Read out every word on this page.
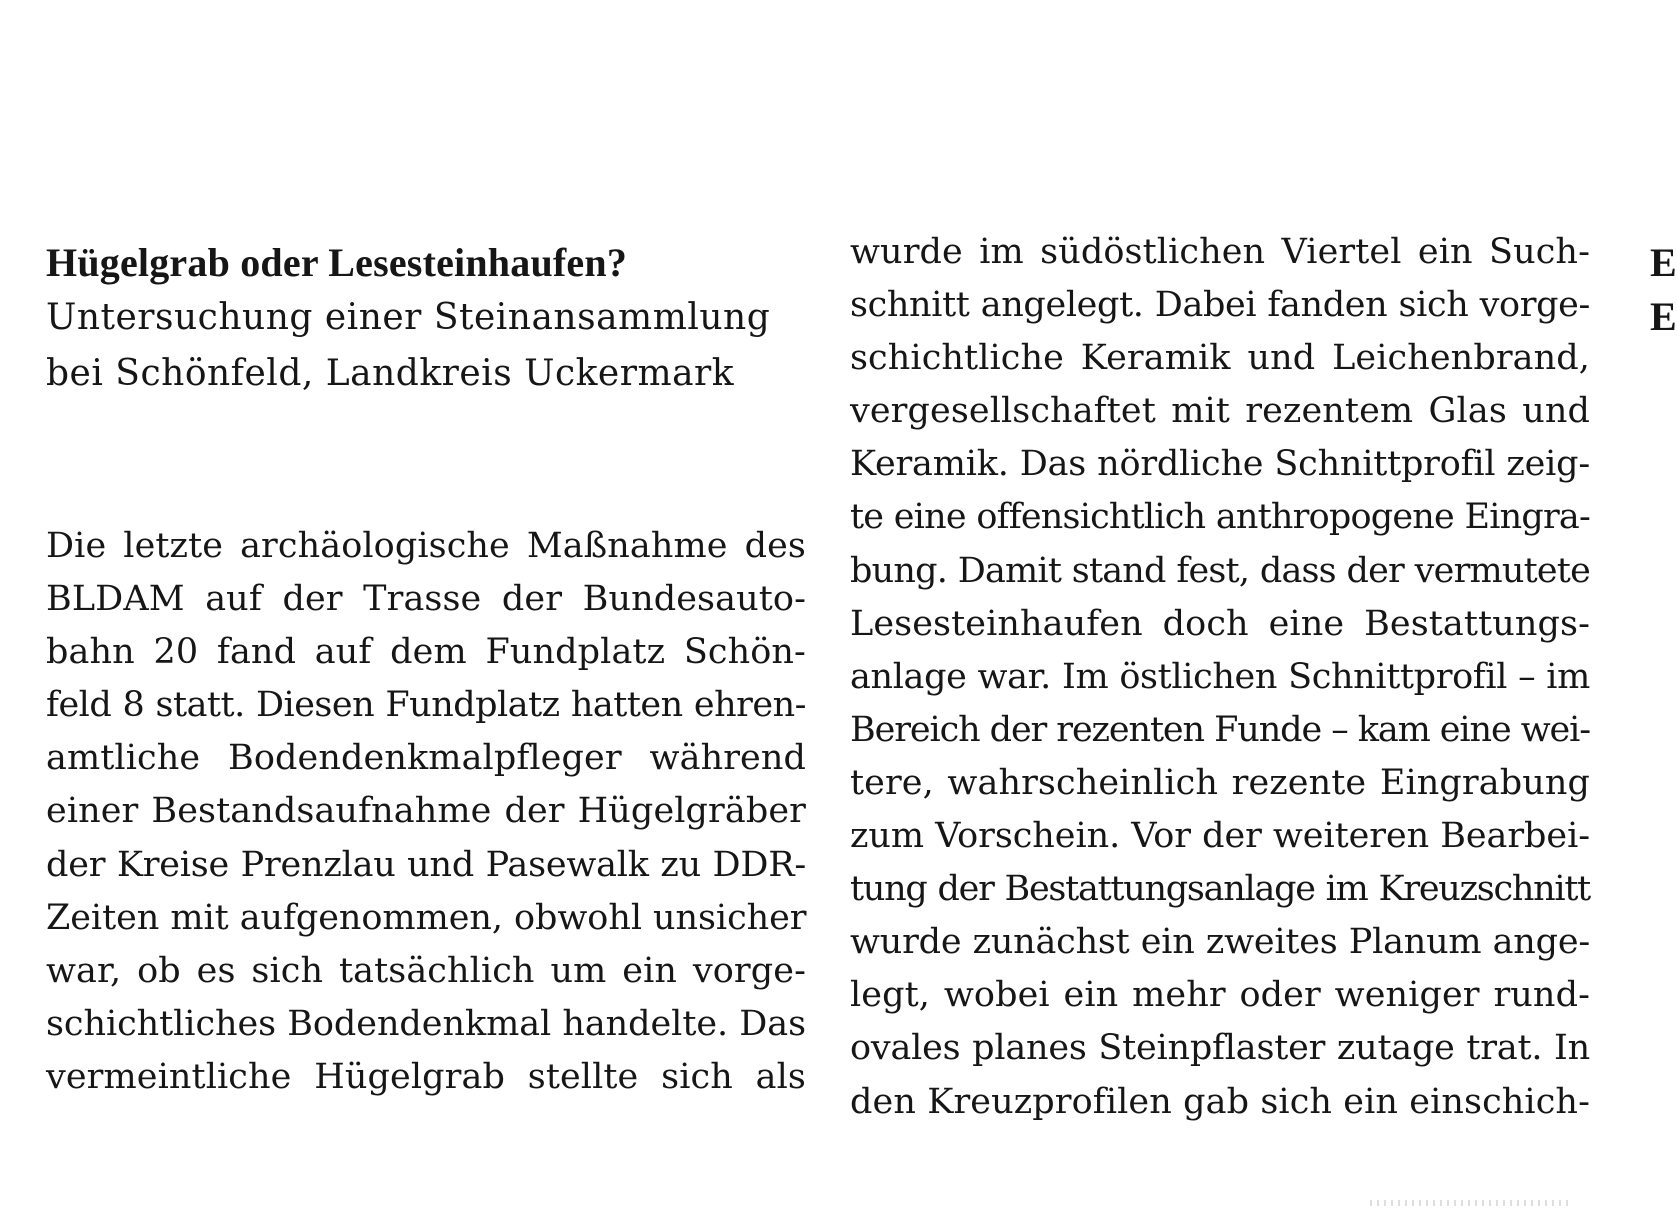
Hügelgrab oder Lesesteinhaufen?

Untersuchung einer Steinansammlung

bei Schönfeld, Landkreis Uckermark

Die letzte archäologische Maßnahme des
BLDAM auf der Trasse der Bundesauto-
bahn 20 fand auf dem Fundplatz Schön-
feld 8 statt. Diesen Fundplatz hatten ehren-
amtliche Bodendenkmalpfleger während
einer Bestandsaufnahme der Hügelgräber
der Kreise Prenzlau und Pasewalk zu DDR-
Zeiten mit aufgenommen, obwohl unsicher
war, ob es sich tatsächlich um ein vorge-
schichtliches Bodendenkmal handelte. Das
vermeintliche Hügelgrab stellte sich als
wurde im südöstlichen Viertel ein Such-
schnitt angelegt. Dabei fanden sich vorge-
schichtliche Keramik und Leichenbrand,
vergesellschaftet mit rezentem Glas und
Keramik. Das nördliche Schnittprofil zeig-
te eine offensichtlich anthropogene Eingra-
bung. Damit stand fest, dass der vermutete
Lesesteinhaufen doch eine Bestattungs-
anlage war. Im östlichen Schnittprofil – im
Bereich der rezenten Funde – kam eine wei-
tere, wahrscheinlich rezente Eingrabung
zum Vorschein. Vor der weiteren Bearbei-
tung der Bestattungsanlage im Kreuzschnitt
wurde zunächst ein zweites Planum ange-
legt, wobei ein mehr oder weniger rund-
ovales planes Steinpflaster zutage trat. In
den Kreuzprofilen gab sich ein einschich-
E
E
